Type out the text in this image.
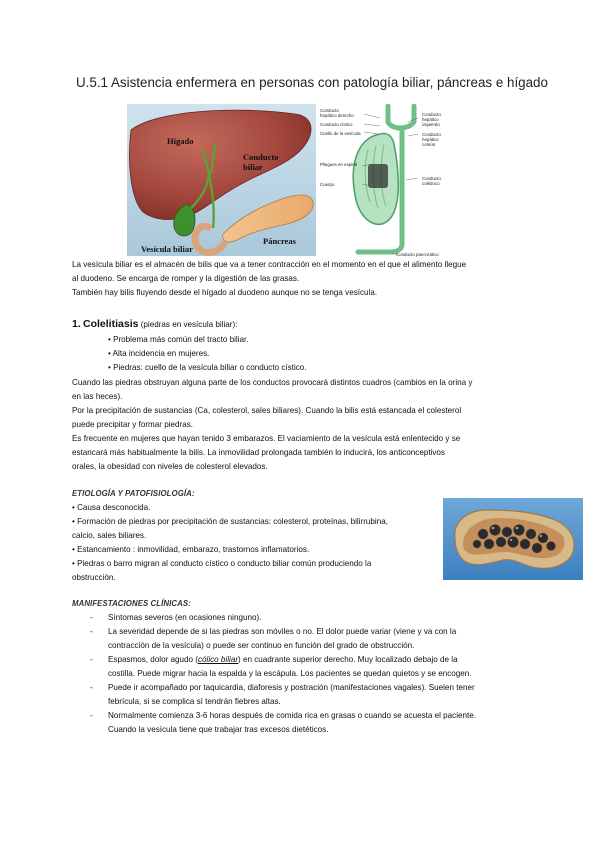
U.5.1 Asistencia enfermera en personas con patología biliar, páncreas e hígado
Hígado
Conducto
biliar
Vesícula biliar
Páncreas
Conducto
hepático derecho
Conducto cístico
Cuello de la vesícula
Pliegues en espiral
Cuerpo
Conducto
hepático
izquierdo
Conducto
hepático
común
Conducto
colédoco
Conducto pancreático
La vesícula biliar es el almacén de bilis que va a tener contracción en el momento en el que el alimento llegue
al duodeno. Se encarga de romper y la digestión de las grasas.
También hay bilis fluyendo desde el hígado al duodeno aunque no se tenga vesícula.
1. Colelitiasis (piedras en vesícula biliar):
• Problema más común del tracto biliar.
• Alta incidencia en mujeres.
• Piedras: cuello de la vesícula biliar o conducto cístico.
Cuando las piedras obstruyan alguna parte de los conductos provocará distintos cuadros (cambios en la orina y
en las heces).
Por la precipitación de sustancias (Ca, colesterol, sales biliares). Cuando la bilis está estancada el colesterol
puede precipitar y formar piedras.
Es frecuente en mujeres que hayan tenido 3 embarazos. El vaciamiento de la vesícula está enlentecido y se
estancará más habitualmente la bilis. La inmovilidad prolongada también lo inducirá, los anticonceptivos
orales, la obesidad con niveles de colesterol elevados.
ETIOLOGÍA Y PATOFISIOLOGÍA:
• Causa desconocida.
• Formación de piedras por precipitación de sustancias: colesterol, proteínas, bilirrubina,
calcio, sales biliares.
• Estancamiento : inmovilidad, embarazo, trastornos inflamatorios.
• Piedras o barro migran al conducto cístico o conducto biliar común produciendo la
obstrucción.
MANIFESTACIONES CLÍNICAS:
- Síntomas severos (en ocasiones ninguno).
- La severidad depende de si las piedras son móviles o no. El dolor puede variar (viene y va con la
contracción de la vesícula) o puede ser continuo en función del grado de obstrucción.
- Espasmos, dolor agudo (cólico biliar) en cuadrante superior derecho. Muy localizado debajo de la
costilla. Puede migrar hacia la espalda y la escápula. Los pacientes se quedan quietos y se encogen.
- Puede ir acompañado por taquicardia, diaforesis y postración (manifestaciones vagales). Suelen tener
febrícula, si se complica sí tendrán fiebres altas.
- Normalmente comienza 3-6 horas después de comida rica en grasas o cuando se acuesta el paciente.
Cuando la vesícula tiene que trabajar tras excesos dietéticos.
